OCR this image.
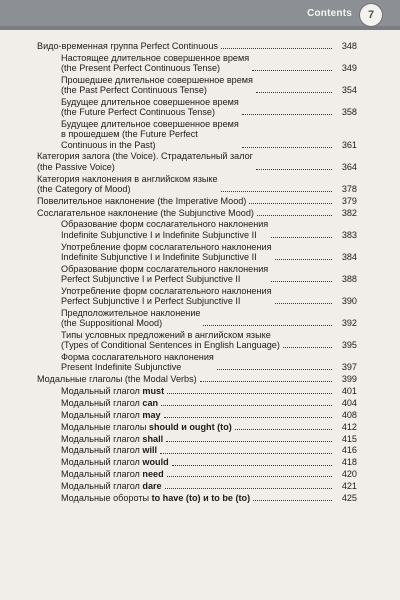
Contents	7
Видо-временная группа Perfect Continuous	348
Настоящее длительное совершенное время
(the Present Perfect Continuous Tense)	349
Прошедшее длительное совершенное время
(the Past Perfect Continuous Tense)	354
Будущее длительное совершенное время
(the Future Perfect Continuous Tense)	358
Будущее длительное совершенное время
в прошедшем (the Future Perfect
Continuous in the Past)	361
Категория залога (the Voice). Страдательный залог
(the Passive Voice)	364
Категория наклонения в английском языке
(the Category of Mood)	378
Повелительное наклонение (the Imperative Mood)	379
Сослагательное наклонение (the Subjunctive Mood)	382
Образование форм сослагательного наклонения
Indefinite Subjunctive I и Indefinite Subjunctive II	383
Употребление форм сослагательного наклонения
Indefinite Subjunctive I и Indefinite Subjunctive II	384
Образование форм сослагательного наклонения
Perfect Subjunctive I и Perfect Subjunctive II	388
Употребление форм сослагательного наклонения
Perfect Subjunctive I и Perfect Subjunctive II	390
Предположительное наклонение
(the Suppositional Mood)	392
Типы условных предложений в английском языке
(Types of Conditional Sentences in English Language)	395
Форма сослагательного наклонения
Present Indefinite Subjunctive	397
Модальные глаголы (the Modal Verbs)	399
Модальный глагол must	401
Модальный глагол can	404
Модальный глагол may	408
Модальные глаголы should и ought (to)	412
Модальный глагол shall	415
Модальный глагол will	416
Модальный глагол would	418
Модальный глагол need	420
Модальный глагол dare	421
Модальные обороты to have (to) и to be (to)	425
